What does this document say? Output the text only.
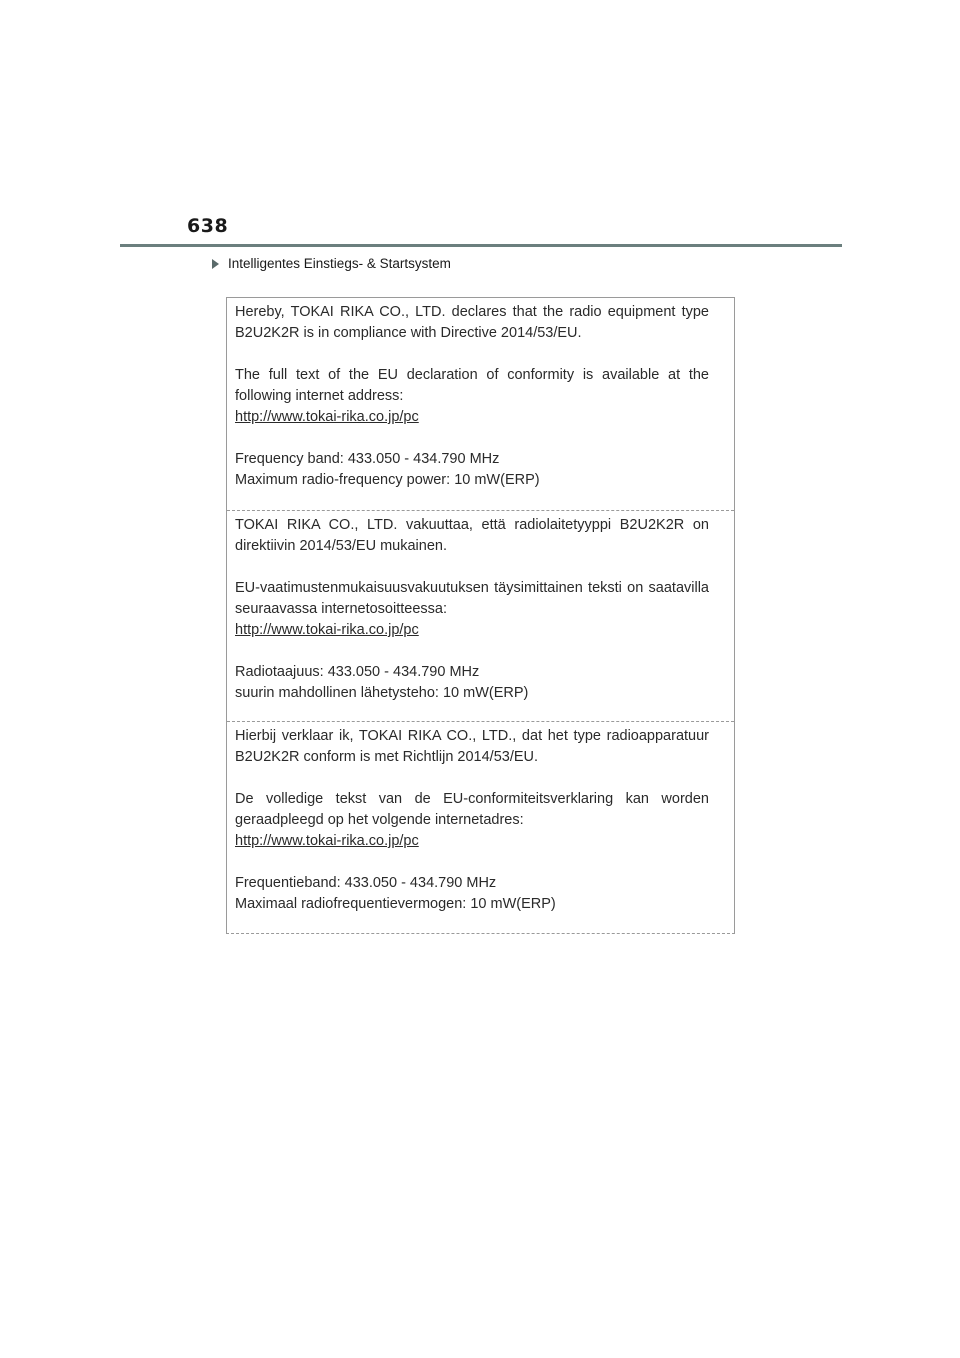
638
Intelligentes Einstiegs- & Startsystem

Hereby, TOKAI RIKA CO., LTD. declares that the radio equipment type B2U2K2R is in compliance with Directive 2014/53/EU.

The full text of the EU declaration of conformity is available at the following internet address:

http://www.tokai-rika.co.jp/pc

Frequency band: 433.050 - 434.790 MHz

Maximum radio-frequency power: 10 mW(ERP)

TOKAI RIKA CO., LTD. vakuuttaa, että radiolaitetyyppi B2U2K2R on direktiivin 2014/53/EU mukainen.

EU-vaatimustenmukaisuusvakuutuksen täysimittainen teksti on saatavilla seuraavassa internetosoitteessa:

http://www.tokai-rika.co.jp/pc

Radiotaajuus: 433.050 - 434.790 MHz

suurin mahdollinen lähetysteho: 10 mW(ERP)

Hierbij verklaar ik, TOKAI RIKA CO., LTD., dat het type radioapparatuur B2U2K2R conform is met Richtlijn 2014/53/EU.

De volledige tekst van de EU-conformiteitsverklaring kan worden geraadpleegd op het volgende internetadres:

http://www.tokai-rika.co.jp/pc

Frequentieband: 433.050 - 434.790 MHz

Maximaal radiofrequentievermogen: 10 mW(ERP)
